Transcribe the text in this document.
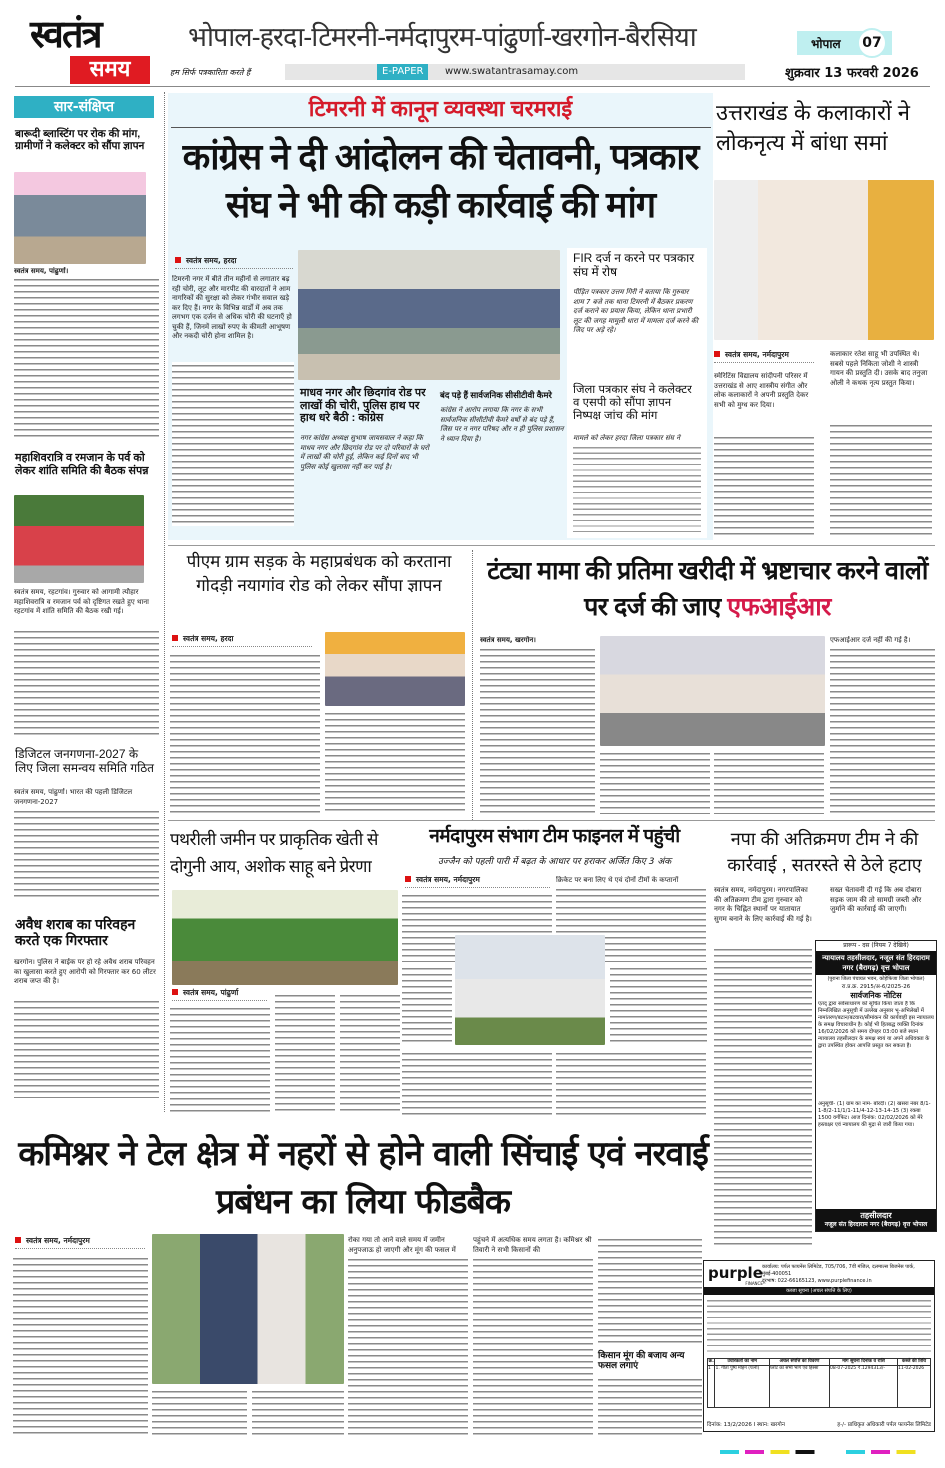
स्वतंत्र
समय
भोपाल-हरदा-टिमरनी-नर्मदापुरम-पांढुर्णा-खरगोन-बैरसिया	भोपाल	07
हम सिर्फ पत्रकारिता करते हैं	E-PAPER	www.swatantrasamay.com	शुक्रवार 13 फरवरी 2026
सार-संक्षिप्त
बारूदी ब्लास्टिंग पर रोक की मांग, ग्रामीणों ने कलेक्टर को सौंपा ज्ञापन
स्वतंत्र समय, पांढुर्णा।
महाशिवरात्रि व रमजान के पर्व को लेकर शांति समिति की बैठक संपन्न
स्वतंत्र समय, रहटगांव। गुरुवार को आगामी त्यौहार महाशिवरात्रि व रमजान पर्व को दृष्टिगत रखते हुए थाना रहटगांव में शांति समिति की बैठक रखी गई।
डिजिटल जनगणना-2027 के लिए जिला समन्वय समिति गठित
स्वतंत्र समय, पांढुर्णा। भारत की पहली डिजिटल जनगणना-2027
अवैध शराब का परिवहन करते एक गिरफ्तार
खरगोन। पुलिस ने बाईक पर हो रहे अवैध शराब परिवहन का खुलासा करते हुए आरोपी को गिरफ्तार कर 60 लीटर शराब जप्त की है।
टिमरनी में कानून व्यवस्था चरमराई
कांग्रेस ने दी आंदोलन की चेतावनी, पत्रकार संघ ने भी की कड़ी कार्रवाई की मांग
स्वतंत्र समय, हरदा
टिमरनी नगर में बीते तीन महीनों से लगातार बढ़ रही चोरी, लूट और मारपीट की वारदातों ने आम नागरिकों की सुरक्षा को लेकर गंभीर सवाल खड़े कर दिए हैं। नगर के विभिन्न वार्डों में अब तक लगभग एक दर्जन से अधिक चोरी की घटनाएँ हो चुकी हैं, जिनमें लाखों रुपए के कीमती आभूषण और नकदी चोरी होना शामिल है।
माधव नगर और छिदगांव रोड पर लाखों की चोरी, पुलिस हाथ पर हाथ धरे बैठी : कांग्रेस
नगर कांग्रेस अध्यक्ष सुभाष जायसवाल ने कहा कि माधव नगर और छिदगांव रोड पर दो परिवारों के घरों में लाखों की चोरी हुई, लेकिन कई दिनों बाद भी पुलिस कोई खुलासा नहीं कर पाई है।
बंद पड़े हैं सार्वजनिक सीसीटीवी कैमरे
कांग्रेस ने आरोप लगाया कि नगर के सभी सार्वजनिक सीसीटीवी कैमरे वर्षों से बंद पड़े हैं, जिस पर न नगर परिषद और न ही पुलिस प्रशासन ने ध्यान दिया है।
FIR दर्ज न करने पर पत्रकार संघ में रोष
पीड़ित पत्रकार उत्तम गिरी ने बताया कि गुरुवार शाम 7 बजे तक थाना टिमरनी में बैठकर प्रकरण दर्ज कराने का प्रयास किया, लेकिन थाना प्रभारी लूट की जगह मामूली धारा में मामला दर्ज करने की जिद पर अड़े रहे।
जिला पत्रकार संघ ने कलेक्टर व एसपी को सौंपा ज्ञापन निष्पक्ष जांच की मांग
मामले को लेकर हरदा जिला पत्रकार संघ ने
उत्तराखंड के कलाकारों ने लोकनृत्य में बांधा समां
स्वतंत्र समय, नर्मदापुरम
स्मेरिटिंस विद्यालय सांदीपनी परिसर में उत्तराखंड से आए शास्त्रीय संगीत और लोक कलाकारों ने अपनी प्रस्तुति देकर सभी को मुग्ध कर दिया।
कलाकार रतेश साहू भी उपस्थित थे। सबसे पहले निकिता जोशी ने शास्त्री गायन की प्रस्तुति दी। उसके बाद तनुजा ओली ने कथक नृत्य प्रस्तुत किया।
पीएम ग्राम सड़क के महाप्रबंधक को करताना गोदड़ी नयागांव रोड को लेकर सौंपा ज्ञापन
स्वतंत्र समय, हरदा
टंट्या मामा की प्रतिमा खरीदी में भ्रष्टाचार करने वालों पर दर्ज की जाए एफआईआर
स्वतंत्र समय, खरगोन।	एफआईआर दर्ज नहीं की गई है।
पथरीली जमीन पर प्राकृतिक खेती से दोगुनी आय, अशोक साहू बने प्रेरणा
स्वतंत्र समय, पांढुर्णा
नर्मदापुरम संभाग टीम फाइनल में पहुंची
उज्जैन को पहली पारी में बढ़त के आधार पर हराकर अर्जित किए 3 अंक
स्वतंत्र समय, नर्मदापुरम	क्रिकेट पर बना लिए थे एवं दोनों टीमों के कप्तानों
नपा की अतिक्रमण टीम ने की कार्रवाई , सतरस्ते से ठेले हटाए
स्वतंत्र समय, नर्मदापुरम। नगरपालिका की अतिक्रमण टीम द्वारा गुरुवार को नगर के चिह्नित स्थानों पर यातायात सुगम बनाने के लिए कार्रवाई की गई है।
सख्त चेतावनी दी गई कि अब दोबारा सड़क जाम की तो सामग्री जब्ती और जुर्माने की कार्रवाई की जाएगी।
प्रारूप - दस (नियम 7 देखिये)
न्यायालय तहसीलदार, नजूल संत हिरदाराम नगर (बैरागढ़) वृत्त भोपाल
(पुराना जिला पंचायत भवन, कोहेफिजा जिला भोपाल)
रा.प्र.क्र. 2915/अ-6/2025-26
सार्वजनिक नोटिस
एतद् द्वारा सर्वसाधारण को सूचित किया जाता है कि निम्नलिखित अनुसूची में उल्लेख अनुसार भू-अभिलेखों में नामांतरण/बटान/बटवारा/सीमांकन की कार्यवाही इस न्यायालय के समक्ष विचाराधीन है। कोई भी हितबद्ध व्यक्ति दिनांक 16/02/2026 को समय दोपहर 03:00 बजे स्थान न्यायालय तहसीलदार के समक्ष स्वयं या अपने अधिवक्ता के द्वारा उपस्थित होकर आपत्ति प्रस्तुत कर सकता है।
अनुसूची- (1) ग्राम का नाम- बोरदी। (2) खसरा नंबर 8/1-1-8/2-11/1/1-11/4-12-13-14-15 (3) रकबा 1500 वर्गफिट। आज दिनांक: 02/02/2026 को मेरे हस्ताक्षर एवं न्यायालय की मुद्रा से जारी किया गया।
तहसीलदार
नजूल संत हिरदाराम नगर (बैरागढ़) वृत्त भोपाल
कमिश्नर ने टेल क्षेत्र में नहरों से होने वाली सिंचाई एवं नरवाई प्रबंधन का लिया फीडबैक
स्वतंत्र समय, नर्मदापुरम	रोका गया तो आने वाले समय में जमीन अनुपजाऊ हो जाएगी और मूंग की फसल में
पहुंचने में अत्यधिक समय लगता है। कमिश्नर श्री तिवारी ने सभी किसानों की
किसान मूंग की बजाय अन्य फसल लगाएं
purple
FINANCE
कार्यालय: पर्पल फायनेंस लिमिटेड, 705/706, 7वीं मंजिल, दलमाल्स बिजनेस पार्क, मुंबई-400051
दूरभाष: 022-66165123, www.purplefinance.in
कब्जा सूचना (अचल संपत्ति के लिए)
क्र.	उधारकर्ता का नाम	अचल संपत्ति का विवरण	मांग सूचना दिनांक व राशि	कब्जे की तिथि
1	1. गीता पुष्प मोहन (पत्नी)	प्लॉट का सभी भाग एवं हिस्सा	08-07-2025 ₹.1294313/-	11-02-2026
दिनांक: 13/2/2026 I स्थान: खरगोन	ह-/- प्राधिकृत अधिकारी पर्पल फायनेंस लिमिटेड
